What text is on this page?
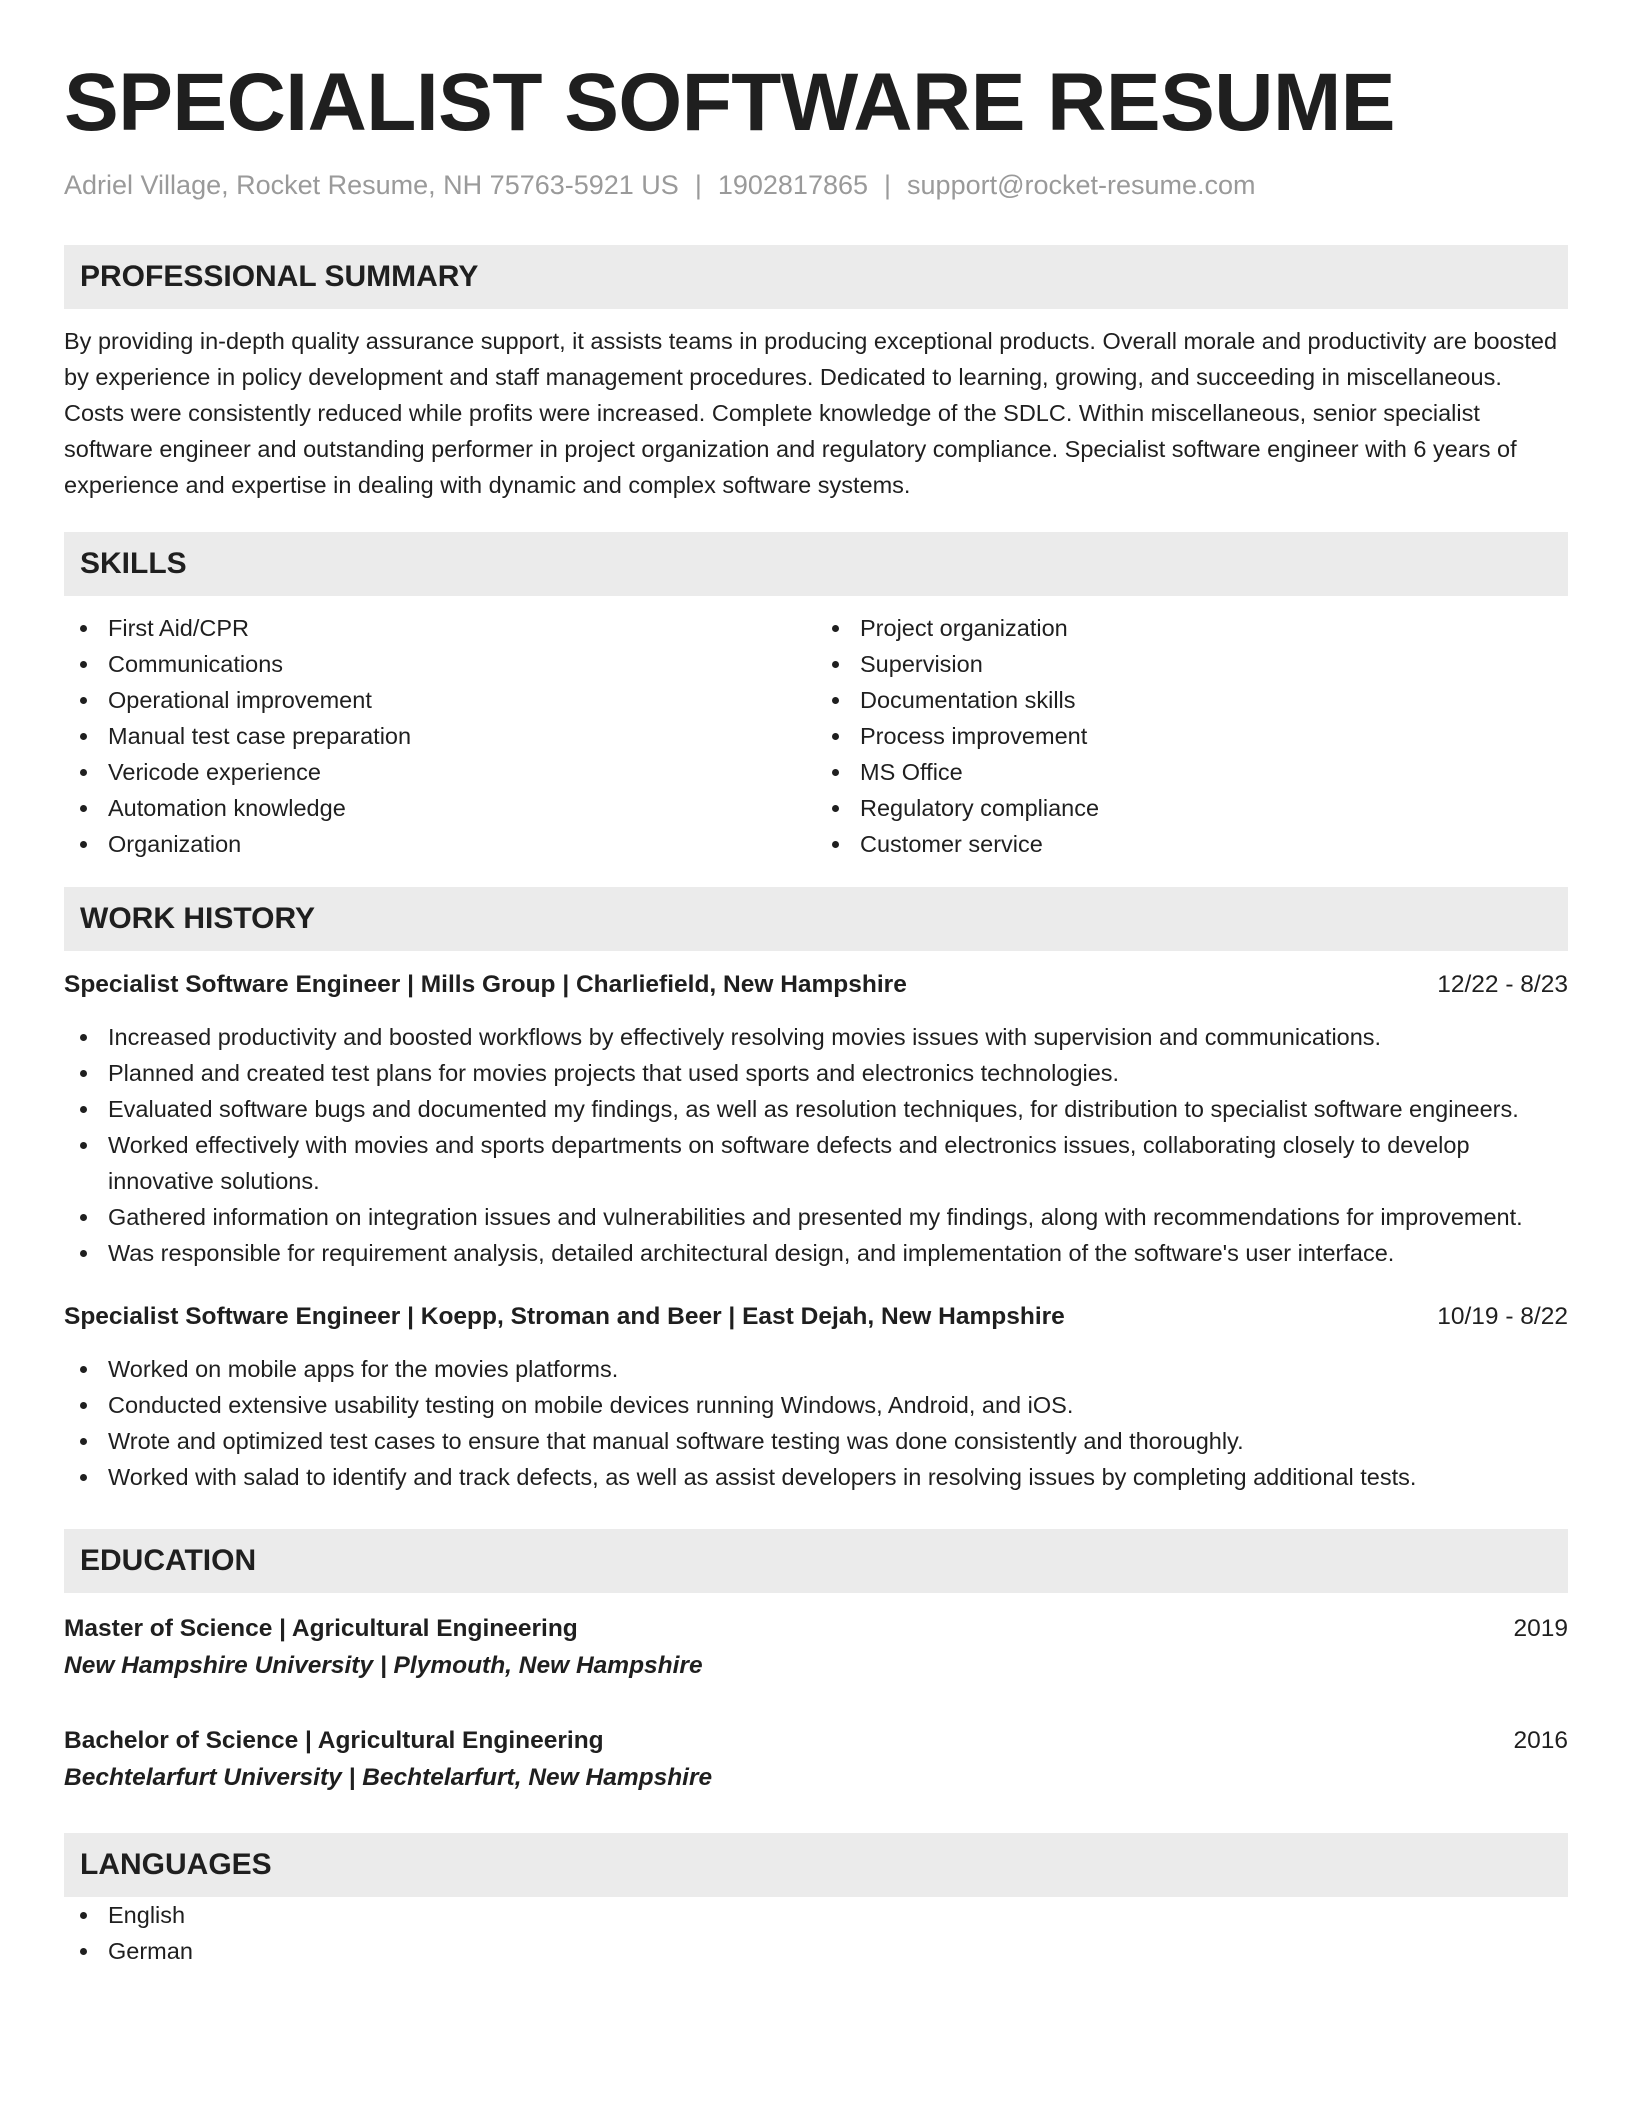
SPECIALIST SOFTWARE RESUME
Adriel Village, Rocket Resume, NH 75763-5921 US | 1902817865 | support@rocket-resume.com
PROFESSIONAL SUMMARY

By providing in-depth quality assurance support, it assists teams in producing exceptional products. Overall morale and productivity are boosted by experience in policy development and staff management procedures. Dedicated to learning, growing, and succeeding in miscellaneous. Costs were consistently reduced while profits were increased. Complete knowledge of the SDLC. Within miscellaneous, senior specialist software engineer and outstanding performer in project organization and regulatory compliance. Specialist software engineer with 6 years of experience and expertise in dealing with dynamic and complex software systems.

SKILLS
First Aid/CPR
Communications
Operational improvement
Manual test case preparation
Vericode experience
Automation knowledge
Organization
Project organization
Supervision
Documentation skills
Process improvement
MS Office
Regulatory compliance
Customer service
WORK HISTORY
Specialist Software Engineer | Mills Group | Charliefield, New Hampshire	12/22 - 8/23
Increased productivity and boosted workflows by effectively resolving movies issues with supervision and communications.
Planned and created test plans for movies projects that used sports and electronics technologies.
Evaluated software bugs and documented my findings, as well as resolution techniques, for distribution to specialist software engineers.
Worked effectively with movies and sports departments on software defects and electronics issues, collaborating closely to develop innovative solutions.
Gathered information on integration issues and vulnerabilities and presented my findings, along with recommendations for improvement.
Was responsible for requirement analysis, detailed architectural design, and implementation of the software's user interface.
Specialist Software Engineer | Koepp, Stroman and Beer | East Dejah, New Hampshire	10/19 - 8/22
Worked on mobile apps for the movies platforms.
Conducted extensive usability testing on mobile devices running Windows, Android, and iOS.
Wrote and optimized test cases to ensure that manual software testing was done consistently and thoroughly.
Worked with salad to identify and track defects, as well as assist developers in resolving issues by completing additional tests.
EDUCATION
Master of Science | Agricultural Engineering	2019
New Hampshire University | Plymouth, New Hampshire
Bachelor of Science | Agricultural Engineering	2016
Bechtelarfurt University | Bechtelarfurt, New Hampshire
LANGUAGES
English
German
